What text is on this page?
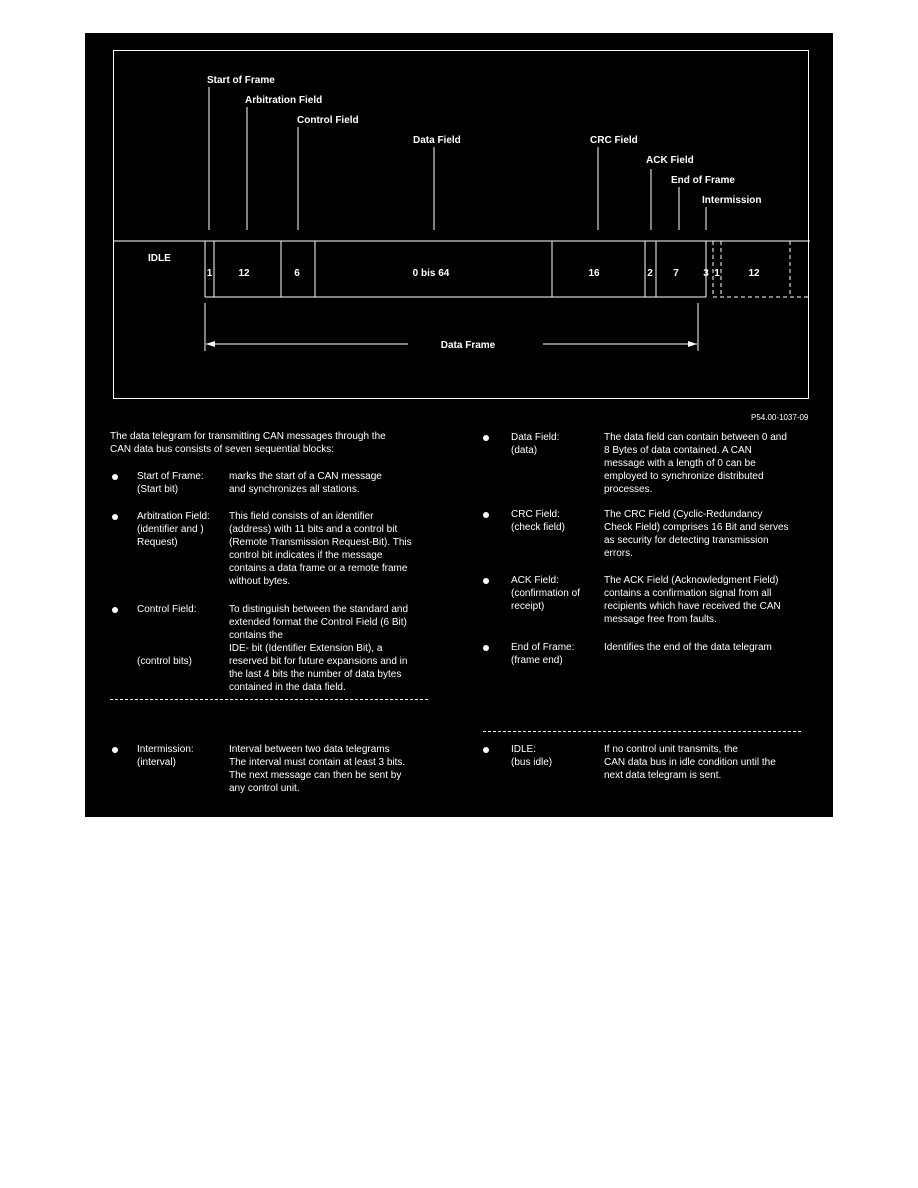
Start of Frame
Arbitration Field
Control Field
Data Field	CRC Field
ACK Field
End of Frame
Intermission
IDLE
1	12	6	0 bis 64	16	2 7 3 1	12
Data Frame
P54.00-1037-09
The data telegram for transmitting CAN messages through the
CAN data bus consists of seven sequential blocks:
Start of Frame:
(Start bit)
marks the start of a CAN message
and synchronizes all stations.
Arbitration Field:
(identifier and )
Request)
This field consists of an identifier
(address) with 11 bits and a control bit
(Remote Transmission Request-Bit). This
control bit indicates if the message
contains a data frame or a remote frame
without bytes.
Control Field:
(control bits)
To distinguish between the standard and
extended format the Control Field (6 Bit)
contains the
IDE- bit (Identifier Extension Bit), a
reserved bit for future expansions and in
the last 4 bits the number of data bytes
contained in the data field.
Intermission:
(interval)
Interval between two data telegrams
The interval must contain at least 3 bits.
The next message can then be sent by
any control unit.
Data Field:
(data)
The data field can contain between 0 and
8 Bytes of data contained. A CAN
message with a length of 0 can be
employed to synchronize distributed
processes.
CRC Field:
(check field)
The CRC Field (Cyclic-Redundancy
Check Field) comprises 16 Bit and serves
as security for detecting transmission
errors.
ACK Field:
(confirmation of
receipt)
The ACK Field (Acknowledgment Field)
contains a confirmation signal from all
recipients which have received the CAN
message free from faults.
End of Frame:
(frame end)
Identifies the end of the data telegram
IDLE:
(bus idle)
If no control unit transmits, the
CAN data bus in idle condition until the
next data telegram is sent.
